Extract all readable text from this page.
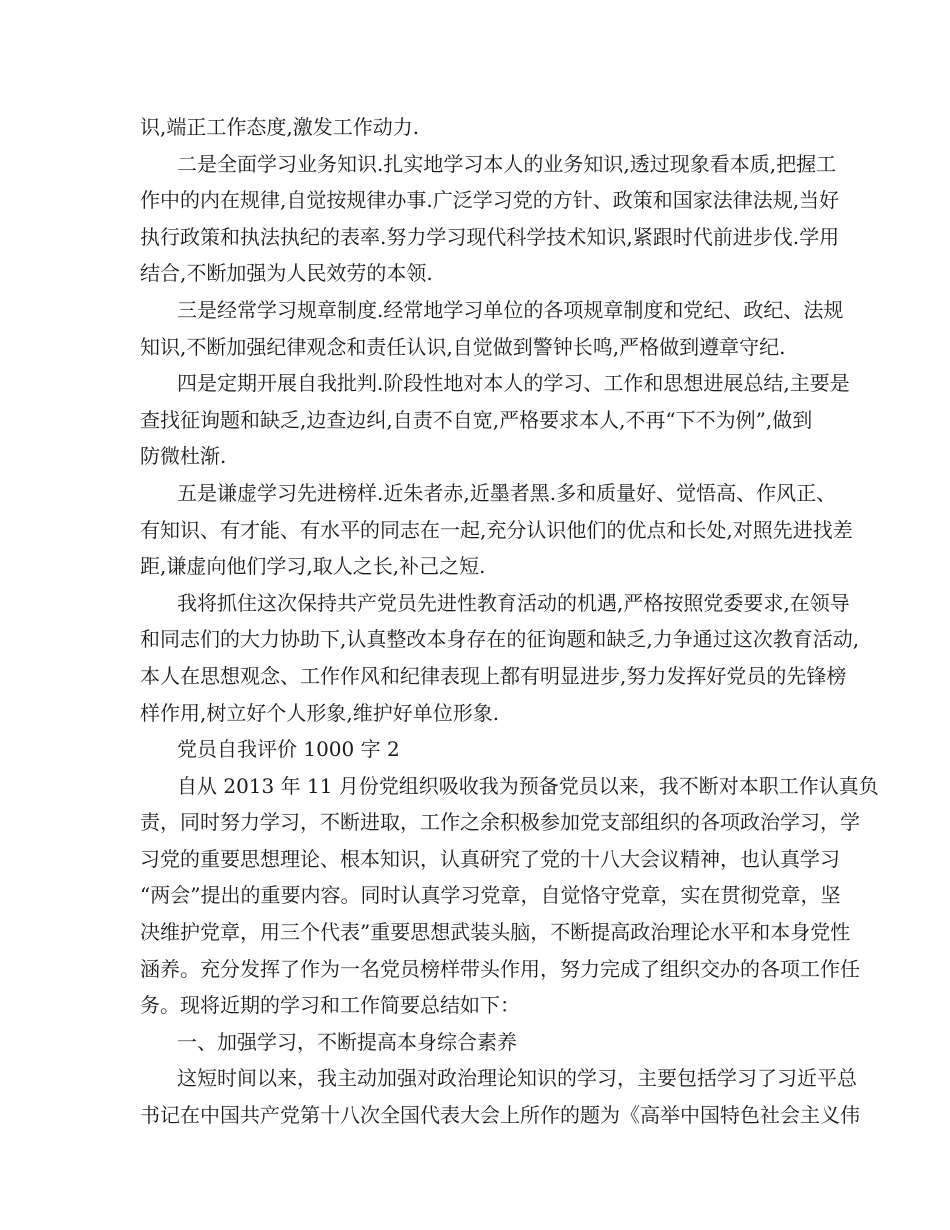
识,端正工作态度,激发工作动力.
二是全面学习业务知识.扎实地学习本人的业务知识,透过现象看本质,把握工
作中的内在规律,自觉按规律办事.广泛学习党的方针、政策和国家法律法规,当好
执行政策和执法执纪的表率.努力学习现代科学技术知识,紧跟时代前进步伐.学用
结合,不断加强为人民效劳的本领.
三是经常学习规章制度.经常地学习单位的各项规章制度和党纪、政纪、法规
知识,不断加强纪律观念和责任认识,自觉做到警钟长鸣,严格做到遵章守纪.
四是定期开展自我批判.阶段性地对本人的学习、工作和思想进展总结,主要是
查找征询题和缺乏,边查边纠,自责不自宽,严格要求本人,不再“下不为例”,做到
防微杜渐.
五是谦虚学习先进榜样.近朱者赤,近墨者黑.多和质量好、觉悟高、作风正、
有知识、有才能、有水平的同志在一起,充分认识他们的优点和长处,对照先进找差
距,谦虚向他们学习,取人之长,补己之短.
我将抓住这次保持共产党员先进性教育活动的机遇,严格按照党委要求,在领导
和同志们的大力协助下,认真整改本身存在的征询题和缺乏,力争通过这次教育活动,
本人在思想观念、工作作风和纪律表现上都有明显进步,努力发挥好党员的先锋榜
样作用,树立好个人形象,维护好单位形象.
党员自我评价 1000 字 2
自从 2013 年 11 月份党组织吸收我为预备党员以来，我不断对本职工作认真负
责，同时努力学习，不断进取，工作之余积极参加党支部组织的各项政治学习，学
习党的重要思想理论、根本知识，认真研究了党的十八大会议精神，也认真学习
“两会”提出的重要内容。同时认真学习党章，自觉恪守党章，实在贯彻党章，坚
决维护党章，用三个代表”重要思想武装头脑，不断提高政治理论水平和本身党性
涵养。充分发挥了作为一名党员榜样带头作用，努力完成了组织交办的各项工作任
务。现将近期的学习和工作简要总结如下：
一、加强学习，不断提高本身综合素养
这短时间以来，我主动加强对政治理论知识的学习，主要包括学习了习近平总
书记在中国共产党第十八次全国代表大会上所作的题为《高举中国特色社会主义伟
